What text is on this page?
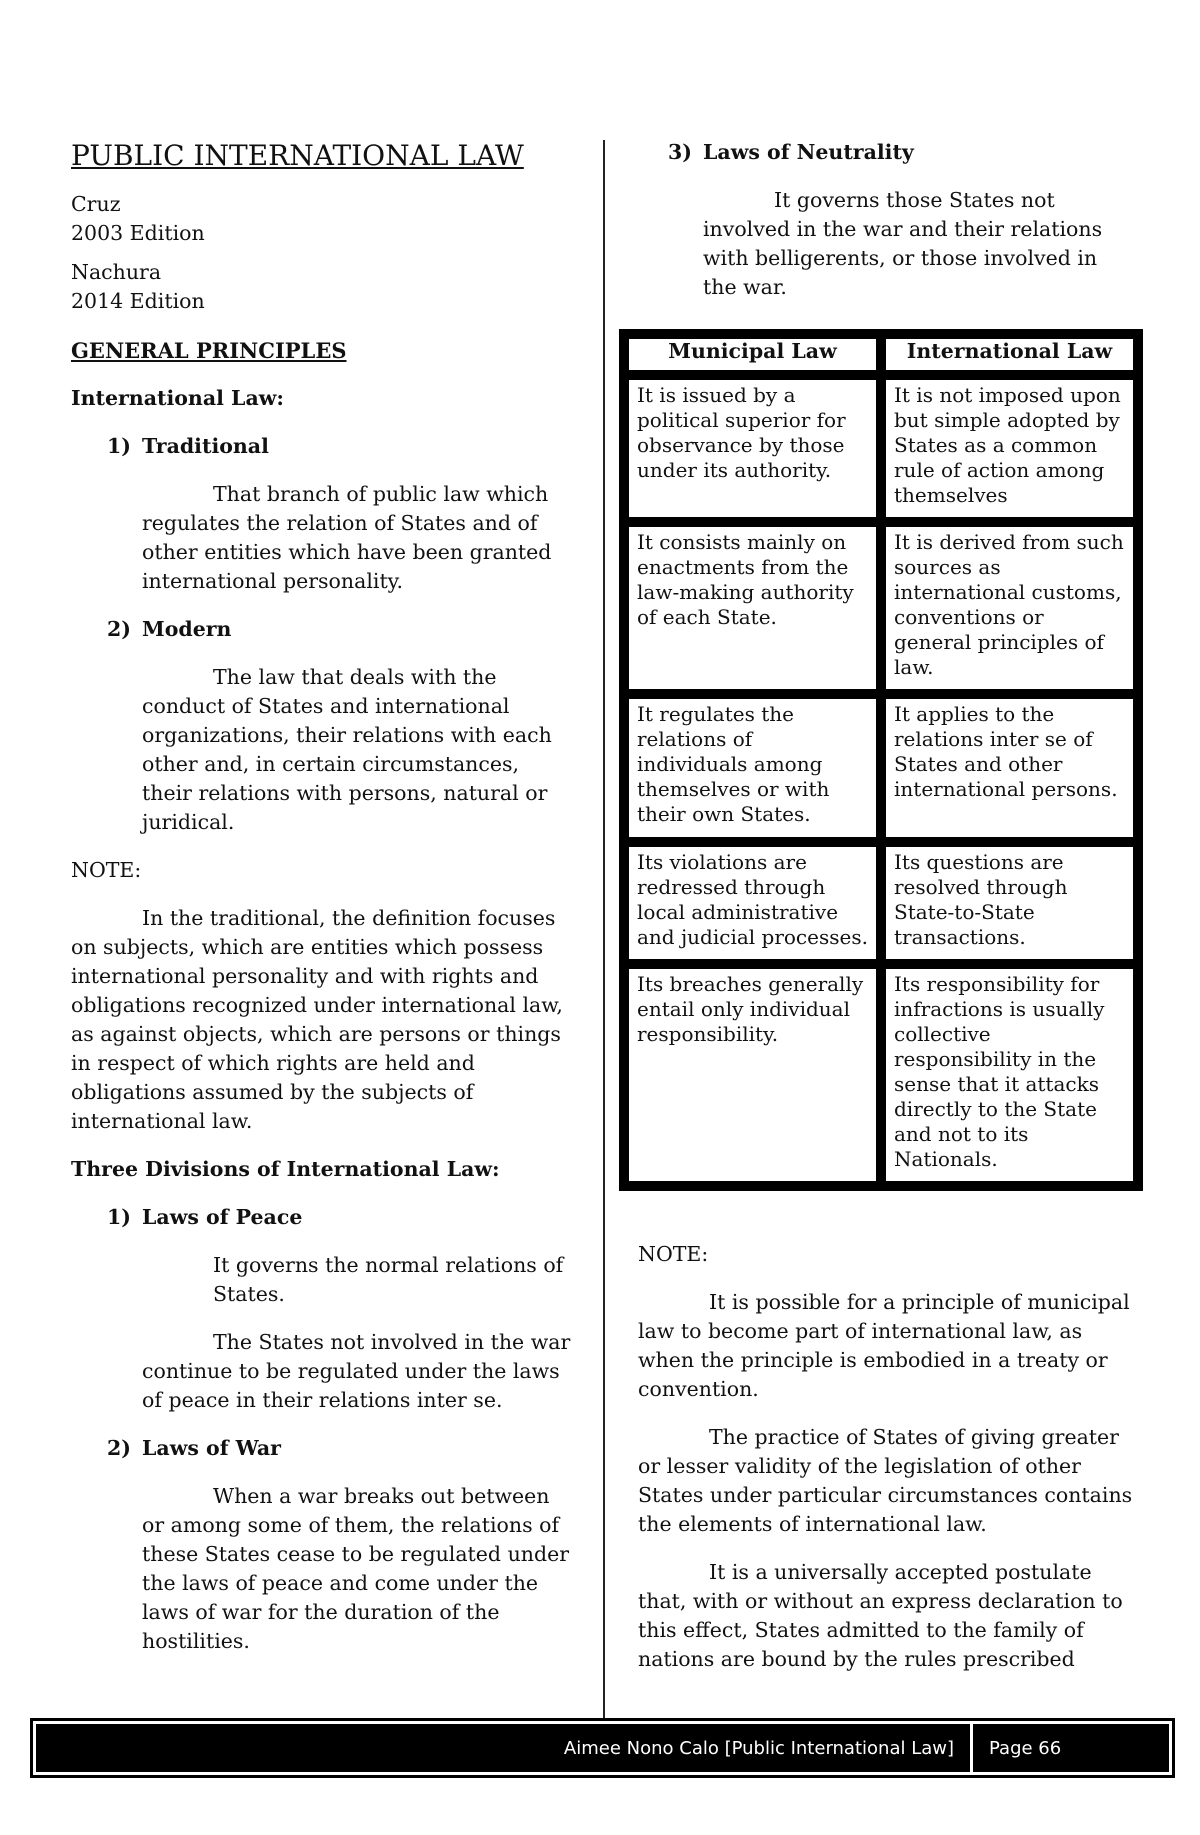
PUBLIC INTERNATIONAL LAW
Cruz
2003 Edition
Nachura
2014 Edition

GENERAL PRINCIPLES

International Law:

1) Traditional

That branch of public law which regulates the relation of States and of other entities which have been granted international personality.

2) Modern

The law that deals with the conduct of States and international organizations, their relations with each other and, in certain circumstances, their relations with persons, natural or juridical.

NOTE:

In the traditional, the definition focuses on subjects, which are entities which possess international personality and with rights and obligations recognized under international law, as against objects, which are persons or things in respect of which rights are held and obligations assumed by the subjects of international law.

Three Divisions of International Law:

1) Laws of Peace

It governs the normal relations of States.

The States not involved in the war continue to be regulated under the laws of peace in their relations inter se.

2) Laws of War

When a war breaks out between or among some of them, the relations of these States cease to be regulated under the laws of peace and come under the laws of war for the duration of the hostilities.

3) Laws of Neutrality

It governs those States not involved in the war and their relations with belligerents, or those involved in the war.

Municipal Law	International Law
It is issued by a political superior for observance by those under its authority.
It is not imposed upon but simple adopted by States as a common rule of action among themselves
It consists mainly on enactments from the law-making authority of each State.
It is derived from such sources as international customs, conventions or general principles of law.
It regulates the relations of individuals among themselves or with their own States.
It applies to the relations inter se of States and other international persons.
Its violations are redressed through local administrative and judicial processes.
Its questions are resolved through State-to-State transactions.
Its breaches generally entail only individual responsibility.
Its responsibility for infractions is usually collective responsibility in the sense that it attacks directly to the State and not to its Nationals.

NOTE:

It is possible for a principle of municipal law to become part of international law, as when the principle is embodied in a treaty or convention.

The practice of States of giving greater or lesser validity of the legislation of other States under particular circumstances contains the elements of international law.

It is a universally accepted postulate that, with or without an express declaration to this effect, States admitted to the family of nations are bound by the rules prescribed

Aimee Nono Calo [Public International Law]	Page 66
